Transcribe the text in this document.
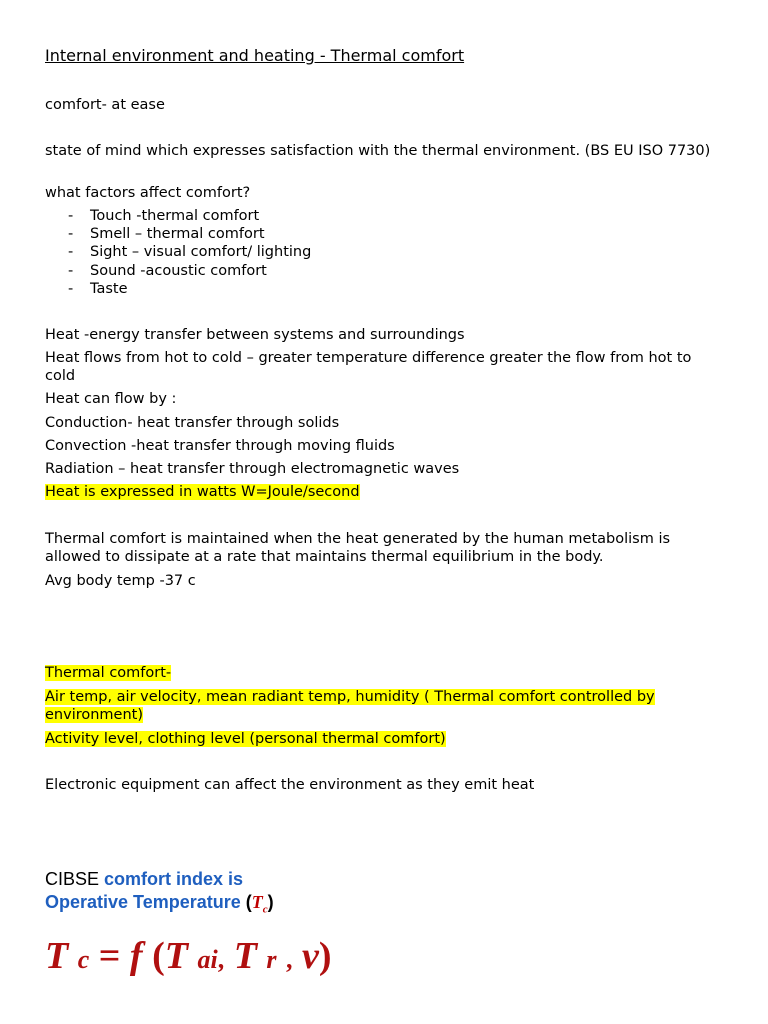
Internal environment and heating - Thermal comfort
comfort- at ease
state of mind which expresses satisfaction with the thermal environment. (BS EU ISO 7730)
what factors affect comfort?
- Touch -thermal comfort
- Smell – thermal comfort
- Sight – visual comfort/ lighting
- Sound -acoustic comfort
- Taste
Heat -energy transfer between systems and surroundings
Heat flows from hot to cold – greater temperature difference greater the flow from hot to cold
Heat can flow by :
Conduction- heat transfer through solids
Convection -heat transfer through moving fluids
Radiation – heat transfer through electromagnetic waves
Heat is expressed in watts W=Joule/second
Thermal comfort is maintained when the heat generated by the human metabolism is allowed to dissipate at a rate that maintains thermal equilibrium in the body.
Avg body temp -37 c
Thermal comfort-
Air temp, air velocity, mean radiant temp, humidity ( Thermal comfort controlled by environment)
Activity level, clothing level (personal thermal comfort)
Electronic equipment can affect the environment as they emit heat
CIBSE comfort index is
Operative Temperature $(T_c)$
T c = f (T ai, T r , v)
